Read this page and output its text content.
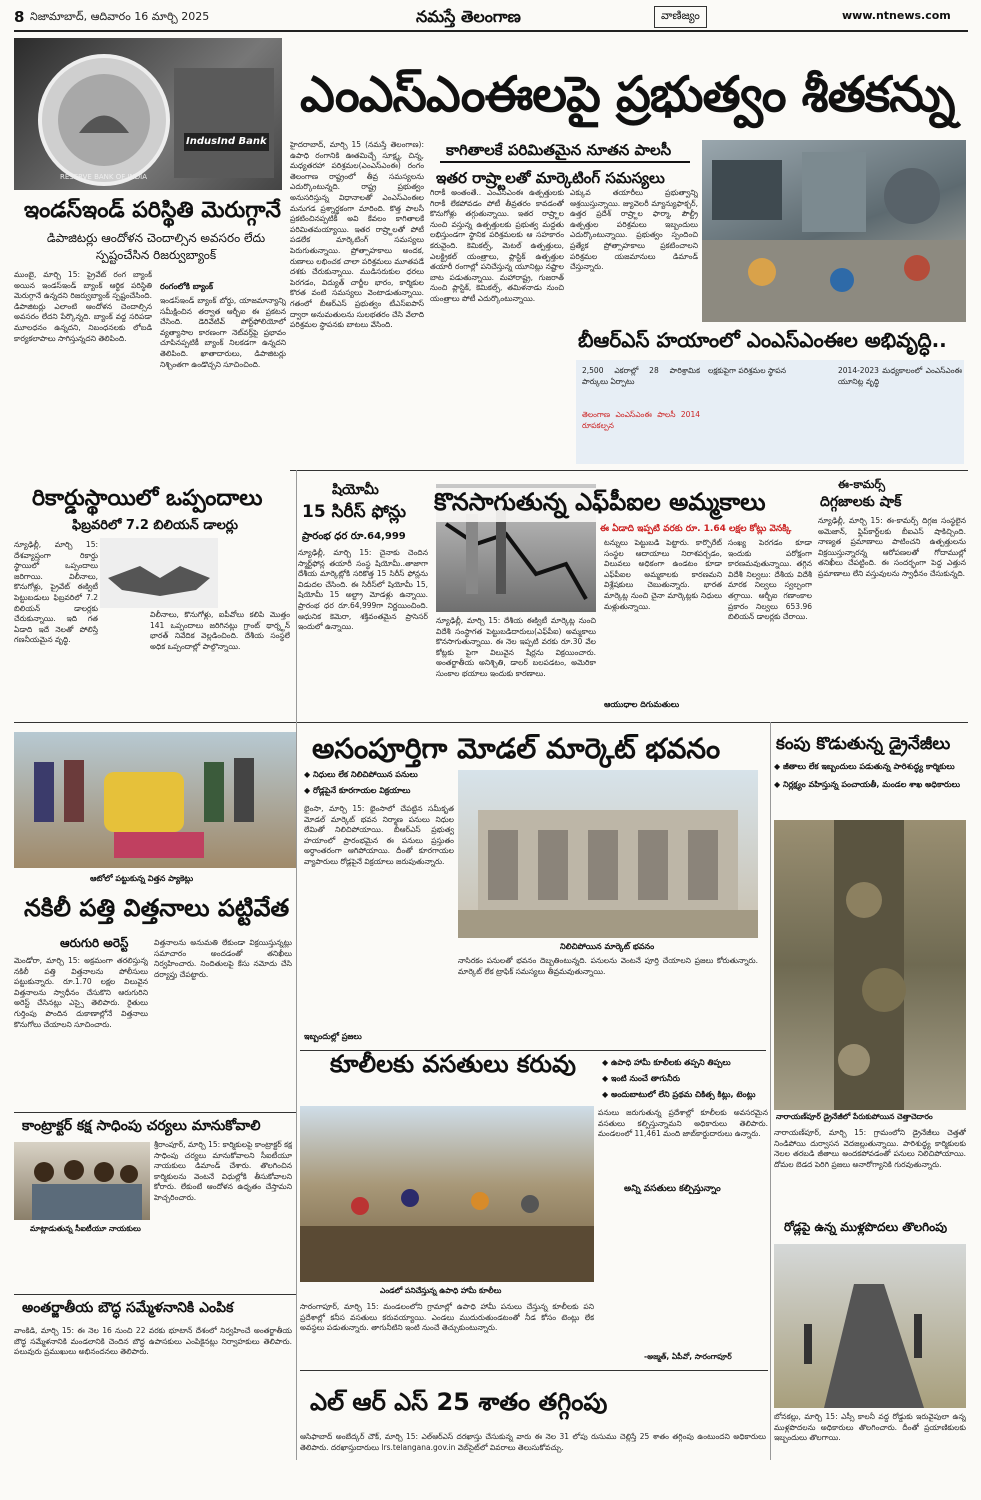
8 నిజామాబాద్, ఆదివారం 16 మార్చి 2025	నమస్తే తెలంగాణ	వాణిజ్యం	www.ntnews.com
IndusInd Bank
RESERVE BANK OF INDIA
ఎంఎస్ఎంఈలపై ప్రభుత్వం శీతకన్ను
ఇండస్ఇండ్ పరిస్థితి మెరుగ్గానే
డిపాజిటర్లు ఆందోళన చెందాల్సిన అవసరం లేదు స్పష్టంచేసిన రిజర్వుబ్యాంక్
ముంబై, మార్చి 15: ప్రైవేట్ రంగ బ్యాంక్ అయిన ఇండస్ఇండ్ బ్యాంక్ ఆర్థిక పరిస్థితి మెరుగ్గానే ఉన్నదని రిజర్వుబ్యాంక్ స్పష్టంచేసింది. డిపాజిటర్లు ఎలాంటి ఆందోళన చెందాల్సిన అవసరం లేదని పేర్కొన్నది. బ్యాంక్ వద్ద సరిపడా మూలధనం ఉన్నదని, నిబంధనలకు లోబడి కార్యకలాపాలు సాగిస్తున్నదని తెలిపింది.
రంగంలోకి బ్యాంక్
ఇండస్ఇండ్ బ్యాంక్ బోర్డు, యాజమాన్యాన్ని సమీక్షించిన తర్వాత ఆర్బీఐ ఈ ప్రకటన చేసింది. డెరివేటివ్ పోర్ట్‌ఫోలియోలో వ్యత్యాసాల కారణంగా నెట్‌వర్త్‌పై ప్రభావం చూపినప్పటికీ బ్యాంక్ నిలకడగా ఉన్నదని తెలిపింది. ఖాతాదారులు, డిపాజిటర్లు నిశ్చింతగా ఉండొచ్చని సూచించింది.
హైదరాబాద్, మార్చి 15 (నమస్తే తెలంగాణ): ఉపాధి రంగానికి ఊతమిచ్చే సూక్ష్మ, చిన్న, మధ్యతరహా పరిశ్రమల(ఎంఎస్ఎంఈ) రంగం తెలంగాణ రాష్ట్రంలో తీవ్ర సమస్యలను ఎదుర్కొంటున్నది. రాష్ట్ర ప్రభుత్వం అనుసరిస్తున్న విధానాలతో ఎంఎస్ఎంఈల మనుగడ ప్రశ్నార్థకంగా మారింది. కొత్త పాలసీ ప్రకటించినప్పటికీ అవి కేవలం కాగితాలకే పరిమితమయ్యాయి. ఇతర రాష్ర్టాలతో పోటీ పడలేక మార్కెటింగ్ సమస్యలు పెరుగుతున్నాయి. ప్రోత్సాహకాలు అందక, రుణాలు లభించక చాలా పరిశ్రమలు మూతపడే దశకు చేరుకున్నాయి. ముడిసరుకుల ధరలు పెరగడం, విద్యుత్ చార్జీల భారం, కార్మికుల కొరత వంటి సమస్యలు వెంటాడుతున్నాయి. గతంలో బీఆర్ఎస్ ప్రభుత్వం టీఎస్ఐపాస్ ద్వారా అనుమతులను సులభతరం చేసి వేలాది పరిశ్రమల స్థాపనకు బాటలు వేసింది.
గిరాకీ అంతంతే.. ఎంఎస్ఎంఈ ఉత్పత్తులకు గిరాకీ లేకపోవడం పోటీ తీవ్రతరం కావడంతో కొనుగోళ్లు తగ్గుతున్నాయి. ఇతర రాష్ర్టాల నుంచి వస్తున్న ఉత్పత్తులకు ప్రభుత్వ మద్దతు లభిస్తుండగా స్థానిక పరిశ్రమలకు ఆ సహకారం కరువైంది. కెమికల్స్, మెటల్ ఉత్పత్తులు, ఎలక్ట్రికల్ యంత్రాలు, ప్లాస్టిక్ ఉత్పత్తుల తయారీ రంగాల్లో పనిచేస్తున్న యూనిట్లు నష్టాల బాట పడుతున్నాయి. మహారాష్ట్ర, గుజరాత్ నుంచి ప్లాస్టిక్, కెమికల్స్, తమిళనాడు నుంచి యంత్రాలు పోటీ ఎదుర్కొంటున్నాయి.
ఎక్కువ తయారీలు ప్రభుత్వాన్ని ఆశ్రయిస్తున్నాయి. జ్యువెలరీ మ్యాన్యుఫాక్చర్, ఉత్తర ప్రదేశ్ రాష్ర్టాల ఫార్మా, పౌల్ట్రీ ఉత్పత్తుల పరిశ్రమలు ఇబ్బందులు ఎదుర్కొంటున్నాయి. ప్రభుత్వం స్పందించి ప్రత్యేక ప్రోత్సాహకాలు ప్రకటించాలని పరిశ్రమల యజమానులు డిమాండ్ చేస్తున్నారు.
కాగితాలకే పరిమితమైన నూతన పాలసీ
ఇతర రాష్ర్టాలతో మార్కెటింగ్ సమస్యలు
బీఆర్ఎస్ హయాంలో ఎంఎస్ఎంఈల అభివృద్ధి..
2,500 ఎకరాల్లో 28 పారిశ్రామిక పార్కులు ఏర్పాటు
తెలంగాణ ఎంఎస్ఎంఈ పాలసీ 2014 రూపకల్పన
లక్షకుపైగా పరిశ్రమల స్థాపన	2014-2023 మధ్యకాలంలో ఎంఎస్ఎంఈ యూనిట్ల వృద్ధి
రికార్డుస్థాయిలో ఒప్పందాలు
ఫిబ్రవరిలో 7.2 బిలియన్ డాలర్లు
న్యూఢిల్లీ, మార్చి 15: దేశవ్యాప్తంగా రికార్డు స్థాయిలో ఒప్పందాలు జరిగాయి. విలీనాలు, కొనుగోళ్లు, ప్రైవేట్ ఈక్విటీ పెట్టుబడులు ఫిబ్రవరిలో 7.2 బిలియన్ డాలర్లకు చేరుకున్నాయి. ఇది గత ఏడాది ఇదే నెలతో పోలిస్తే గణనీయమైన వృద్ధి.
విలీనాలు, కొనుగోళ్లు, ఐపీవోలు కలిపి మొత్తం 141 ఒప్పందాలు జరిగినట్లు గ్రాంట్ థార్న్టన్ భారత్ నివేదిక వెల్లడించింది. దేశీయ సంస్థలే అధిక ఒప్పందాల్లో పాల్గొన్నాయి.
షియోమీ
15 సిరీస్ ఫోన్లు
ప్రారంభ ధర రూ.64,999
న్యూఢిల్లీ, మార్చి 15: చైనాకు చెందిన స్మార్ట్‌ఫోన్ల తయారీ సంస్థ షియోమీ..తాజాగా దేశీయ మార్కెట్లోకి సరికొత్త 15 సిరీస్ ఫోన్లను విడుదల చేసింది. ఈ సిరీస్‌లో షియోమీ 15, షియోమీ 15 అల్ట్రా మోడళ్లు ఉన్నాయి. ప్రారంభ ధర రూ.64,999గా నిర్ణయించింది. ఆధునిక కెమెరా, శక్తివంతమైన ప్రాసెసర్ ఇందులో ఉన్నాయి.
కొనసాగుతున్న ఎఫ్‌పీఐల అమ్మకాలు
ఈ ఏడాది ఇప్పటి వరకు రూ. 1.64 లక్షల కోట్లు వెనక్కి
న్యూఢిల్లీ, మార్చి 15: దేశీయ ఈక్విటీ మార్కెట్ల నుంచి విదేశీ సంస్థాగత పెట్టుబడిదారులు(ఎఫ్‌పీఐ) అమ్మకాలు కొనసాగుతున్నాయి. ఈ నెల ఇప్పటి వరకు రూ.30 వేల కోట్లకు పైగా విలువైన షేర్లను విక్రయించారు. అంతర్జాతీయ అనిశ్చితి, డాలర్ బలపడటం, అమెరికా సుంకాల భయాలు ఇందుకు కారణాలు.
టన్నులు పెట్టుబడి పెట్టారు. కార్పొరేట్ సంస్థల ఆదాయాలు నిరాశపర్చడం, విలువలు అధికంగా ఉండటం కూడా ఎఫ్‌పీఐల అమ్మకాలకు కారణమని విశ్లేషకులు చెబుతున్నారు. భారత మార్కెట్ల నుంచి చైనా మార్కెట్లకు నిధులు మళ్లుతున్నాయి.
ఆయుధాల దిగుమతులు
సంఖ్య పెరగడం కూడా ఇందుకు పరోక్షంగా కారణమవుతున్నాయి. తగ్గిన విదేశీ నిల్వలు: దేశీయ విదేశీ మారక నిల్వలు స్వల్పంగా తగ్గాయి. ఆర్బీఐ గణాంకాల ప్రకారం నిల్వలు 653.96 బిలియన్ డాలర్లకు చేరాయి.
ఈ-కామర్స్
దిగ్గజాలకు షాక్
న్యూఢిల్లీ, మార్చి 15: ఈ-కామర్స్ దిగ్గజ సంస్థలైన అమెజాన్, ఫ్లిప్‌కార్ట్‌లకు బీఐఎస్ షాకిచ్చింది. నాణ్యత ప్రమాణాలు పాటించని ఉత్పత్తులను విక్రయిస్తున్నారన్న ఆరోపణలతో గోదాముల్లో తనిఖీలు చేపట్టింది. ఈ సందర్భంగా పెద్ద ఎత్తున ప్రమాణాలు లేని వస్తువులను స్వాధీనం చేసుకున్నది.
ఆటోలో పట్టుకున్న విత్తన ప్యాకెట్లు
నకిలీ పత్తి విత్తనాలు పట్టివేత
ఆరుగురి అరెస్ట్
మెండోరా, మార్చి 15: అక్రమంగా తరలిస్తున్న నకిలీ పత్తి విత్తనాలను పోలీసులు పట్టుకున్నారు. రూ.1.70 లక్షల విలువైన విత్తనాలను స్వాధీనం చేసుకొని ఆరుగురిని అరెస్ట్ చేసినట్లు ఎస్సై తెలిపారు. రైతులు గుర్తింపు పొందిన దుకాణాల్లోనే విత్తనాలు కొనుగోలు చేయాలని సూచించారు.
విత్తనాలను అనుమతి లేకుండా విక్రయిస్తున్నట్లు సమాచారం అందడంతో తనిఖీలు నిర్వహించారు. నిందితులపై కేసు నమోదు చేసి దర్యాప్తు చేపట్టారు.
కాంట్రాక్టర్ కక్ష సాధింపు చర్యలు మానుకోవాలి
మాట్లాడుతున్న సీఐటీయూ నాయకులు
శ్రీరాంపూర్, మార్చి 15: కార్మికులపై కాంట్రాక్టర్ కక్ష సాధింపు చర్యలు మానుకోవాలని సీఐటీయూ నాయకులు డిమాండ్ చేశారు. తొలగించిన కార్మికులను వెంటనే విధుల్లోకి తీసుకోవాలని కోరారు. లేకుంటే ఆందోళన ఉధృతం చేస్తామని హెచ్చరించారు.
అంతర్జాతీయ బౌద్ధ సమ్మేళనానికి ఎంపిక
వాంకిడి, మార్చి 15: ఈ నెల 16 నుంచి 22 వరకు భూటాన్ దేశంలో నిర్వహించే అంతర్జాతీయ బౌద్ధ సమ్మేళనానికి మండలానికి చెందిన బౌద్ధ ఉపాసకులు ఎంపికైనట్లు నిర్వాహకులు తెలిపారు. పలువురు ప్రముఖులు అభినందనలు తెలిపారు.
అసంపూర్తిగా మోడల్ మార్కెట్ భవనం
◆ నిధులు లేక నిలిచిపోయిన పనులు
◆ రోడ్లపైనే కూరగాయల విక్రయాలు
నిలిచిపోయిన మార్కెట్ భవనం
భైంసా, మార్చి 15: భైంసాలో చేపట్టిన సమీకృత మోడల్ మార్కెట్ భవన నిర్మాణ పనులు నిధుల లేమితో నిలిచిపోయాయి. బీఆర్ఎస్ ప్రభుత్వ హయాంలో ప్రారంభమైన ఈ పనులు ప్రస్తుతం అర్ధాంతరంగా ఆగిపోయాయి. దీంతో కూరగాయల వ్యాపారులు రోడ్లపైనే విక్రయాలు జరుపుతున్నారు.
ఇబ్బందుల్లో ప్రజలు
నాసిరకం పనులతో భవనం దెబ్బతింటున్నది. పనులను వెంటనే పూర్తి చేయాలని ప్రజలు కోరుతున్నారు. మార్కెట్ లేక ట్రాఫిక్ సమస్యలు తీవ్రమవుతున్నాయి.
కంపు కొడుతున్న డ్రైనేజీలు
◆ జీతాలు లేక ఇబ్బందులు పడుతున్న పారిశుద్ధ్య కార్మికులు
◆ నిర్లక్ష్యం వహిస్తున్న పంచాయతీ, మండల శాఖ అధికారులు
నారాయణ్‌పూర్ డ్రైనేజీలో పేరుకుపోయిన చెత్తాచెదారం
నారాయణ్‌పూర్, మార్చి 15: గ్రామంలోని డ్రైనేజీలు చెత్తతో నిండిపోయి దుర్వాసన వెదజల్లుతున్నాయి. పారిశుద్ధ్య కార్మికులకు నెలల తరబడి జీతాలు అందకపోవడంతో పనులు నిలిచిపోయాయి. దోమల బెడద పెరిగి ప్రజలు అనారోగ్యానికి గురవుతున్నారు.
రోడ్లపై ఉన్న ముళ్లపొదలు తొలగింపు
బోనకల్లు, మార్చి 15: ఎస్సీ కాలనీ వద్ద రోడ్డుకు ఇరువైపులా ఉన్న ముళ్లపొదలను అధికారులు తొలగించారు. దీంతో ప్రయాణికులకు ఇబ్బందులు తొలగాయి.
కూలీలకు వసతులు కరువు	◆ ఉపాధి హామీ కూలీలకు తప్పని తిప్పలు
◆ ఇంటి నుంచే తాగునీరు
◆ అందుబాటులో లేని ప్రథమ చికిత్స కిట్లు, టెంట్లు
ఎండలో పనిచేస్తున్న ఉపాధి హామీ కూలీలు
సారంగాపూర్, మార్చి 15: మండలంలోని గ్రామాల్లో ఉపాధి హామీ పనులు చేస్తున్న కూలీలకు పని ప్రదేశాల్లో కనీస వసతులు కరువయ్యాయి. ఎండలు ముదురుతుండటంతో నీడ కోసం టెంట్లు లేక అవస్థలు పడుతున్నారు. తాగునీటిని ఇంటి నుంచే తెచ్చుకుంటున్నారు.
పనులు జరుగుతున్న ప్రదేశాల్లో కూలీలకు అవసరమైన వసతులు కల్పిస్తున్నామని అధికారులు తెలిపారు. మండలంలో 11,461 మంది జాబ్‌కార్డుదారులు ఉన్నారు.
అన్ని వసతులు కల్పిస్తున్నాం
-అజ్మత్, ఏపీవో, సారంగాపూర్
ఎల్ ఆర్ ఎస్ 25 శాతం తగ్గింపు
ఆసిఫాబాద్ అంబేద్కర్ చౌక్, మార్చి 15: ఎల్‌ఆర్‌ఎస్ దరఖాస్తు చేసుకున్న వారు ఈ నెల 31 లోపు రుసుము చెల్లిస్తే 25 శాతం తగ్గింపు ఉంటుందని అధికారులు తెలిపారు. దరఖాస్తుదారులు lrs.telangana.gov.in వెబ్‌సైట్‌లో వివరాలు తెలుసుకోవచ్చు.
